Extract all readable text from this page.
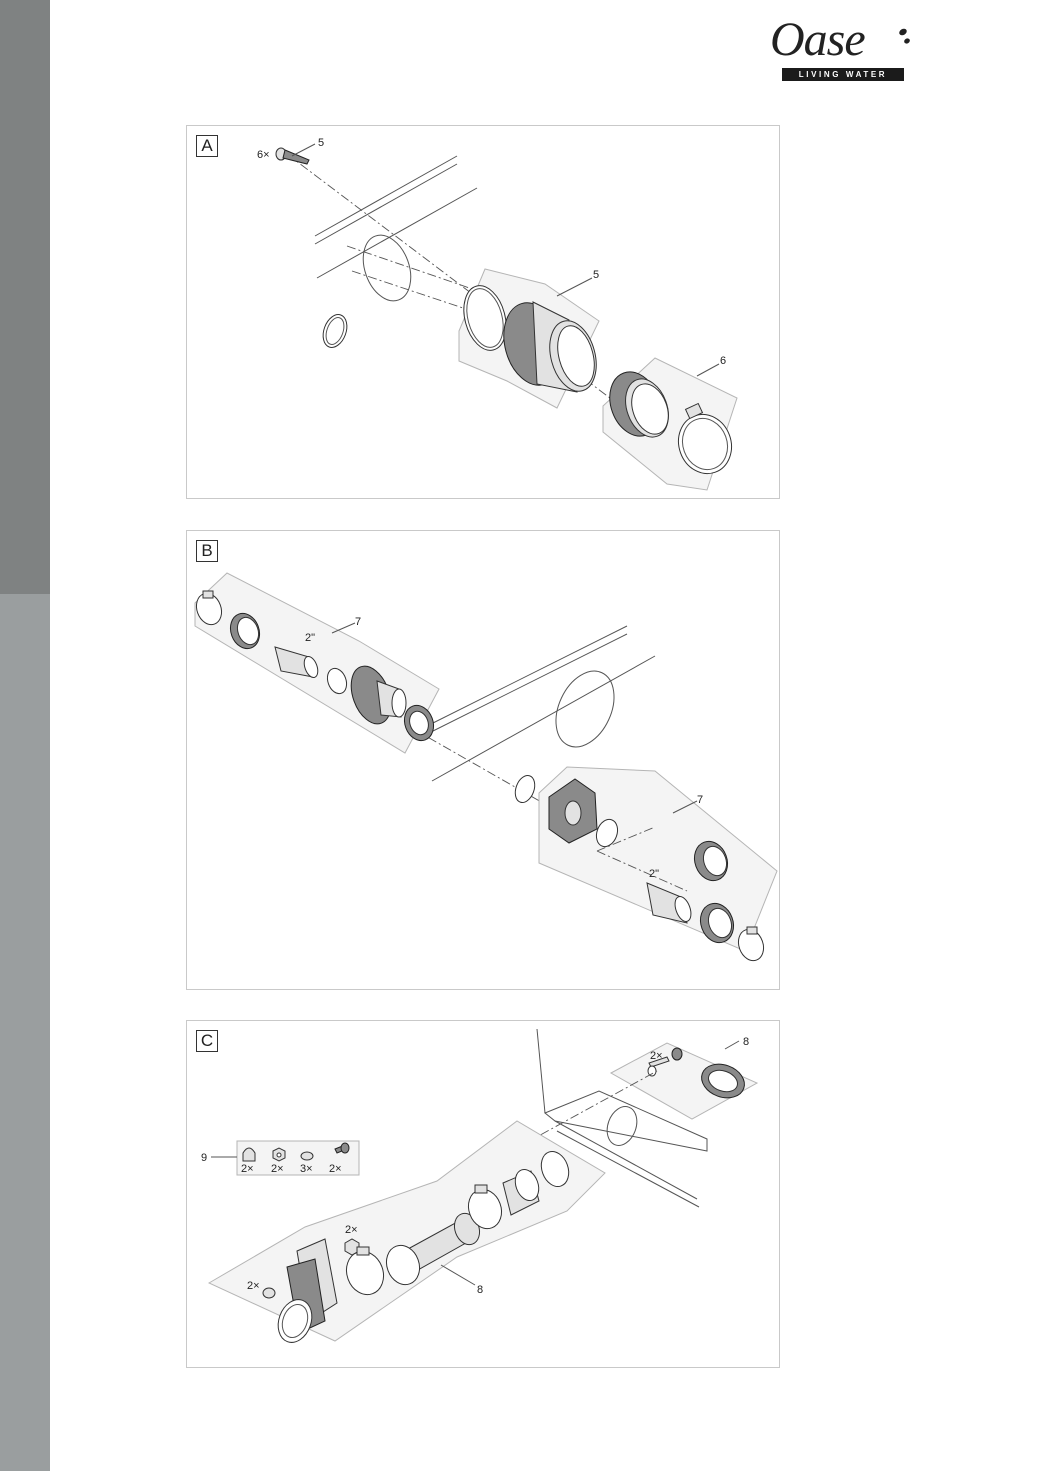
Oase
LIVING WATER
6×
5
5
6
A
2"
7
2"
7
B
8
8
9
2×
2×
2×
2× 2× 3× 2×
C
